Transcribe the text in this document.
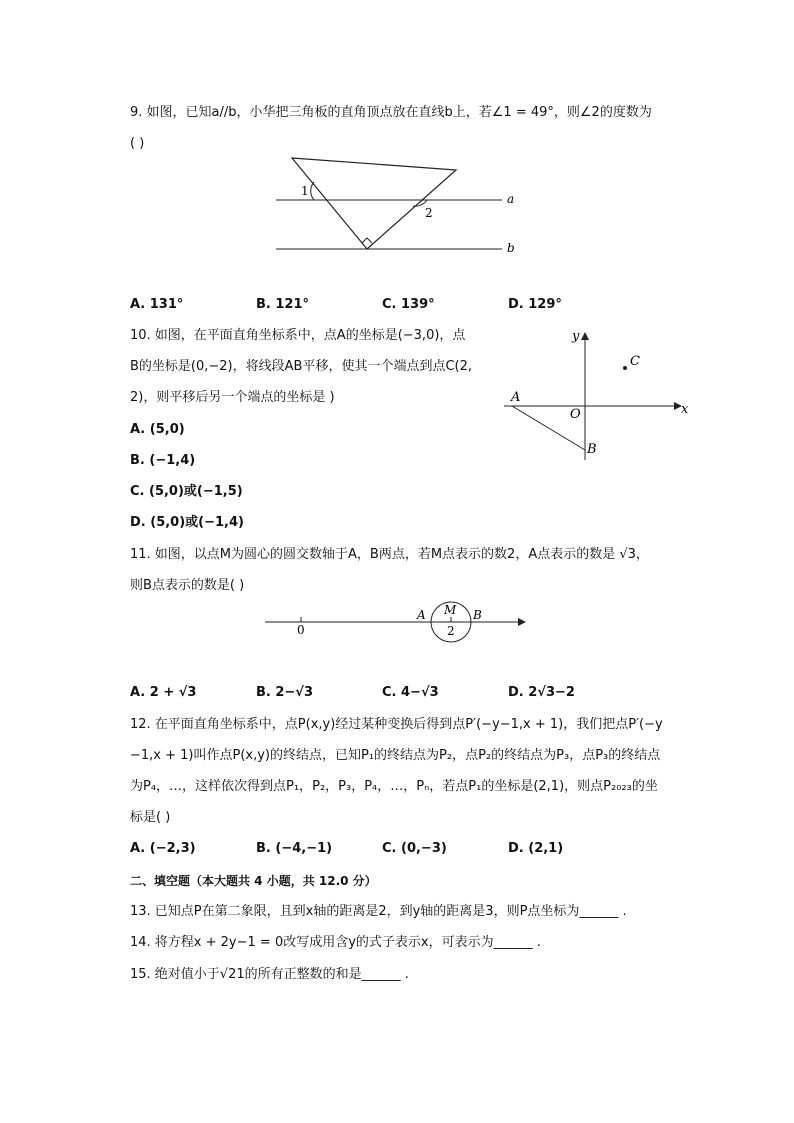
9. 如图，已知a//b，小华把三角板的直角顶点放在直线b上，若∠1 = 49°，则∠2的度数为
( )
1
2
a
b
A. 131°	B. 121°	C. 139°	D. 129°
10. 如图，在平面直角坐标系中，点A的坐标是(−3,0)，点
B的坐标是(0,−2)，将线段AB平移，使其一个端点到点C(2,
2)，则平移后另一个端点的坐标是 )
A. (5,0)
B. (−1,4)
C. (5,0)或(−1,5)
D. (5,0)或(−1,4)
y
x
C
A
O
B
11. 如图，以点M为圆心的圆交数轴于A，B两点，若M点表示的数2，A点表示的数是 √3，
则B点表示的数是( )
0
A M B
2
A. 2 + √3	B. 2−√3	C. 4−√3	D. 2√3−2
12. 在平面直角坐标系中，点P(x,y)经过某种变换后得到点P′(−y−1,x + 1)，我们把点P′(−y
−1,x + 1)叫作点P(x,y)的终结点，已知P₁的终结点为P₂，点P₂的终结点为P₃，点P₃的终结点
为P₄，…，这样依次得到点P₁，P₂，P₃，P₄，…，Pₙ，若点P₁的坐标是(2,1)，则点P₂₀₂₃的坐
标是( )
A. (−2,3)	B. (−4,−1)	C. (0,−3)	D. (2,1)
二、填空题（本大题共 4 小题，共 12.0 分）
13. 已知点P在第二象限，且到x轴的距离是2，到y轴的距离是3，则P点坐标为______ .
14. 将方程x + 2y−1 = 0改写成用含y的式子表示x，可表示为______ .
15. 绝对值小于√21的所有正整数的和是______ .
